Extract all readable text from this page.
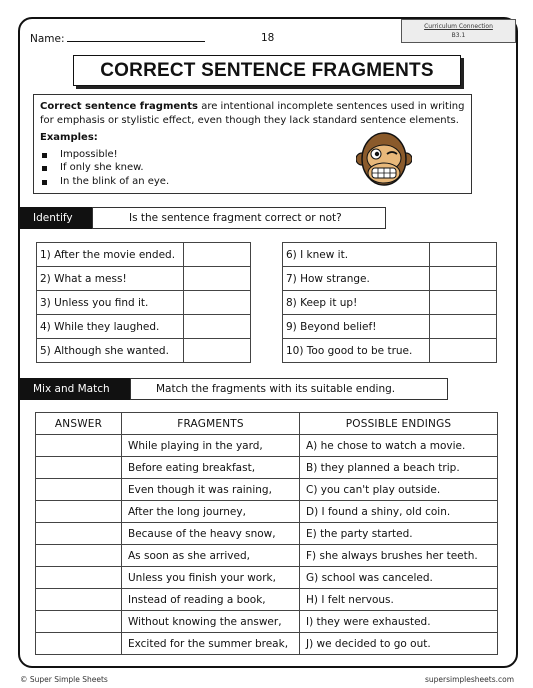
Name:	18
Curriculum Connection
B3.1
CORRECT SENTENCE FRAGMENTS

Correct sentence fragments are intentional incomplete sentences used in writing for emphasis or stylistic effect, even though they lack standard sentence elements.

Examples:
Impossible!
If only she knew.
In the blink of an eye.
Identify	Is the sentence fragment correct or not?
1) After the movie ended.	
2) What a mess!	
3) Unless you find it.	
4) While they laughed.	
5) Although she wanted.	
6) I knew it.	
7) How strange.	
8) Keep it up!	
9) Beyond belief!	
10) Too good to be true.	
Mix and Match	Match the fragments with its suitable ending.
ANSWER	FRAGMENTS	POSSIBLE ENDINGS
	While playing in the yard,	A) he chose to watch a movie.
	Before eating breakfast,	B) they planned a beach trip.
	Even though it was raining,	C) you can't play outside.
	After the long journey,	D) I found a shiny, old coin.
	Because of the heavy snow,	E) the party started.
	As soon as she arrived,	F) she always brushes her teeth.
	Unless you finish your work,	G) school was canceled.
	Instead of reading a book,	H) I felt nervous.
	Without knowing the answer,	I) they were exhausted.
	Excited for the summer break,	J) we decided to go out.
© Super Simple Sheets	supersimplesheets.com
